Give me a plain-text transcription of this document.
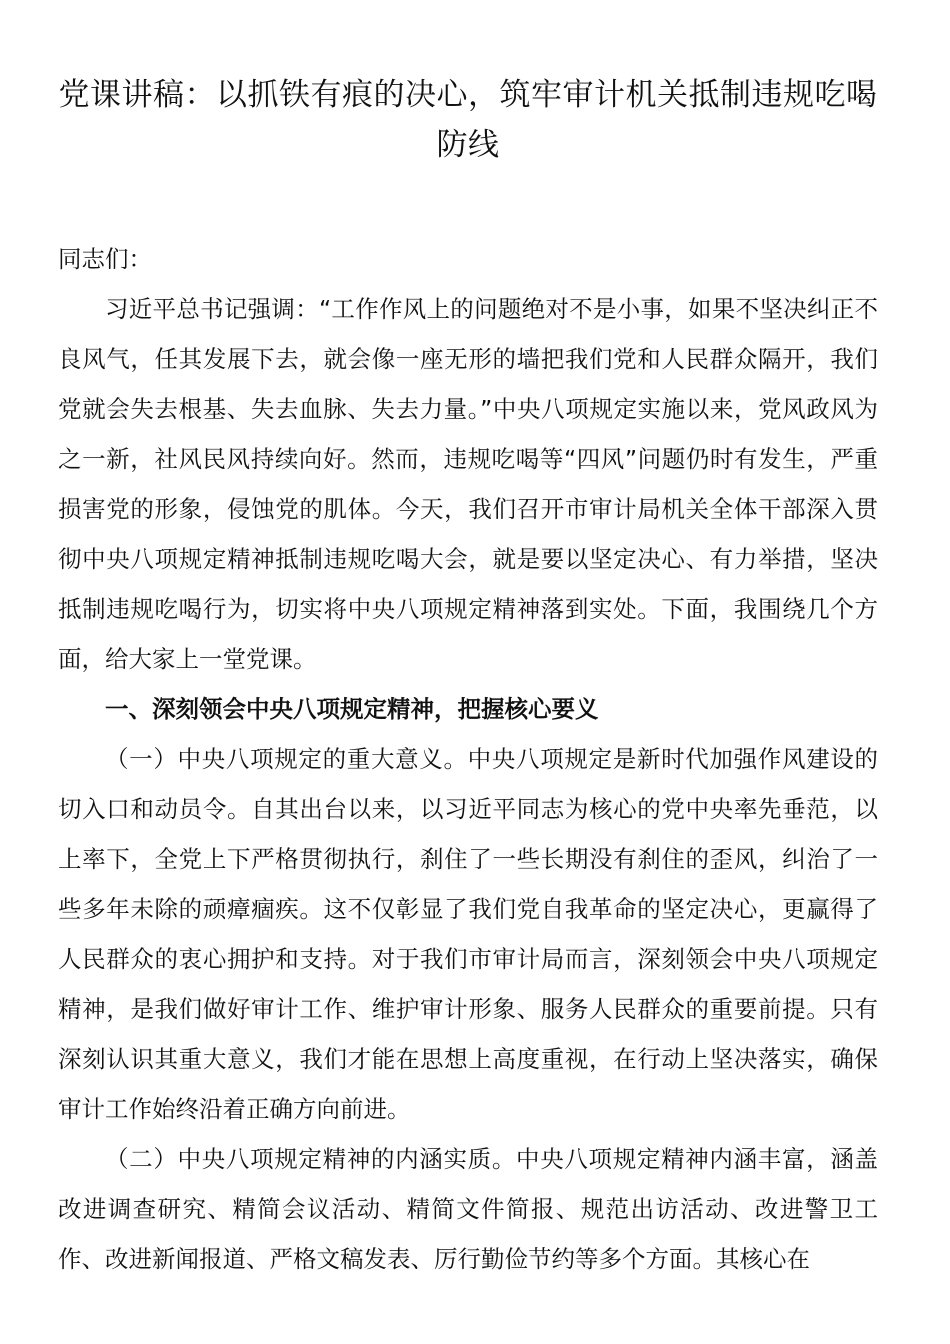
党课讲稿：以抓铁有痕的决心，筑牢审计机关抵制违规吃喝防线

同志们：

习近平总书记强调：“工作作风上的问题绝对不是小事，如果不坚决纠正不良风气，任其发展下去，就会像一座无形的墙把我们党和人民群众隔开，我们党就会失去根基、失去血脉、失去力量。”中央八项规定实施以来，党风政风为之一新，社风民风持续向好。然而，违规吃喝等“四风”问题仍时有发生，严重损害党的形象，侵蚀党的肌体。今天，我们召开市审计局机关全体干部深入贯彻中央八项规定精神抵制违规吃喝大会，就是要以坚定决心、有力举措，坚决抵制违规吃喝行为，切实将中央八项规定精神落到实处。下面，我围绕几个方面，给大家上一堂党课。

一、深刻领会中央八项规定精神，把握核心要义

（一）中央八项规定的重大意义。中央八项规定是新时代加强作风建设的切入口和动员令。自其出台以来，以习近平同志为核心的党中央率先垂范，以上率下，全党上下严格贯彻执行，刹住了一些长期没有刹住的歪风，纠治了一些多年未除的顽瘴痼疾。这不仅彰显了我们党自我革命的坚定决心，更赢得了人民群众的衷心拥护和支持。对于我们市审计局而言，深刻领会中央八项规定精神，是我们做好审计工作、维护审计形象、服务人民群众的重要前提。只有深刻认识其重大意义，我们才能在思想上高度重视，在行动上坚决落实，确保审计工作始终沿着正确方向前进。

（二）中央八项规定精神的内涵实质。中央八项规定精神内涵丰富，涵盖改进调查研究、精简会议活动、精简文件简报、规范出访活动、改进警卫工作、改进新闻报道、严格文稿发表、厉行勤俭节约等多个方面。其核心在
